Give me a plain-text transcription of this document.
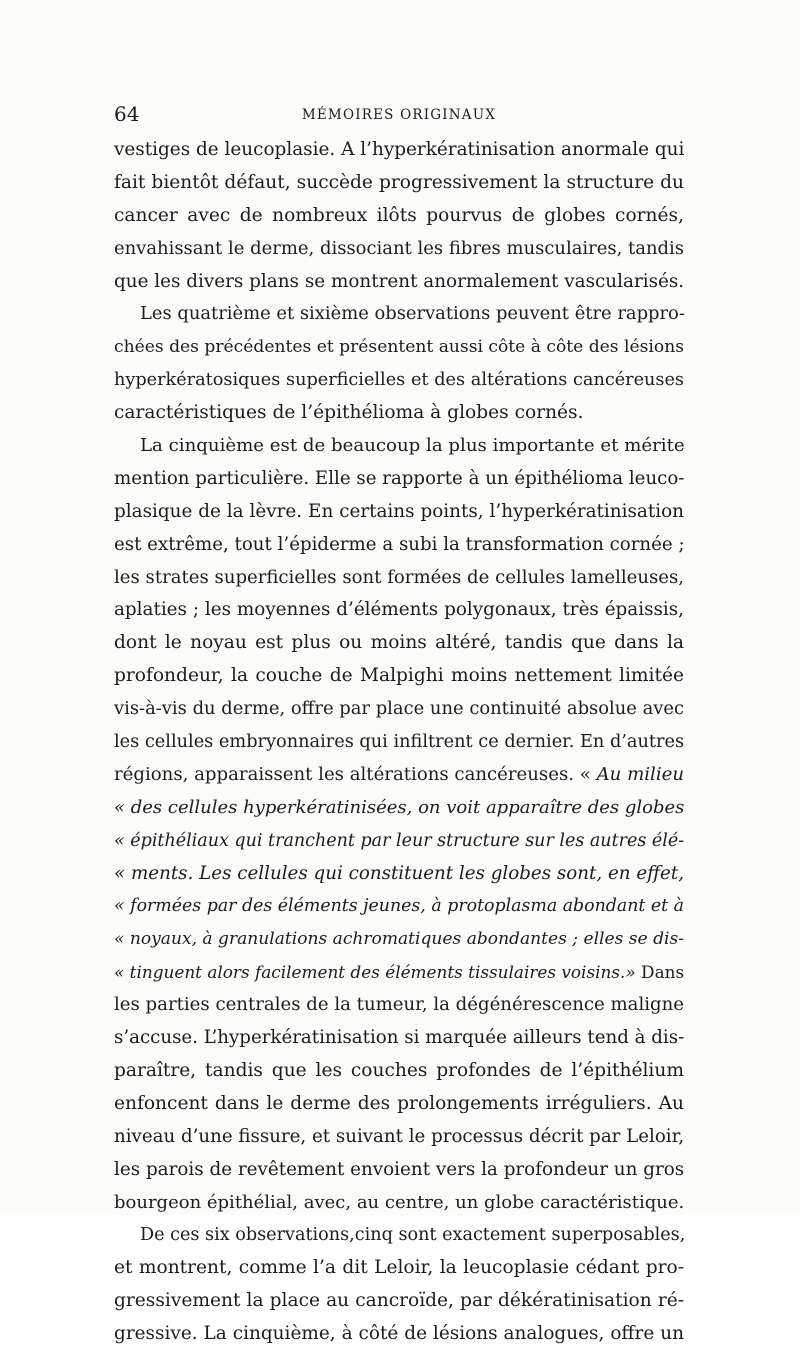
64	MÉMOIRES ORIGINAUX
vestiges de leucoplasie. A l’hyperkératinisation anormale qui
fait bientôt défaut, succède progressivement la structure du
cancer avec de nombreux ilôts pourvus de globes cornés,
envahissant le derme, dissociant les fibres musculaires, tandis
que les divers plans se montrent anormalement vascularisés.
Les quatrième et sixième observations peuvent être rappro-
chées des précédentes et présentent aussi côte à côte des lésions
hyperkératosiques superficielles et des altérations cancéreuses
caractéristiques de l’épithélioma à globes cornés.
La cinquième est de beaucoup la plus importante et mérite
mention particulière. Elle se rapporte à un épithélioma leuco-
plasique de la lèvre. En certains points, l’hyperkératinisation
est extrême, tout l’épiderme a subi la transformation cornée ;
les strates superficielles sont formées de cellules lamelleuses,
aplaties ; les moyennes d’éléments polygonaux, très épaissis,
dont le noyau est plus ou moins altéré, tandis que dans la
profondeur, la couche de Malpighi moins nettement limitée
vis-à-vis du derme, offre par place une continuité absolue avec
les cellules embryonnaires qui infiltrent ce dernier. En d’autres
régions, apparaissent les altérations cancéreuses. « Au milieu
« des cellules hyperkératinisées, on voit apparaître des globes
« épithéliaux qui tranchent par leur structure sur les autres élé-
« ments. Les cellules qui constituent les globes sont, en effet,
« formées par des éléments jeunes, à protoplasma abondant et à
« noyaux, à granulations achromatiques abondantes ; elles se dis-
« tinguent alors facilement des éléments tissulaires voisins.» Dans
les parties centrales de la tumeur, la dégénérescence maligne
s’accuse. L’hyperkératinisation si marquée ailleurs tend à dis-
paraître, tandis que les couches profondes de l’épithélium
enfoncent dans le derme des prolongements irréguliers. Au
niveau d’une fissure, et suivant le processus décrit par Leloir,
les parois de revêtement envoient vers la profondeur un gros
bourgeon épithélial, avec, au centre, un globe caractéristique.
De ces six observations,cinq sont exactement superposables,
et montrent, comme l’a dit Leloir, la leucoplasie cédant pro-
gressivement la place au cancroïde, par dékératinisation ré-
gressive. La cinquième, à côté de lésions analogues, offre un
